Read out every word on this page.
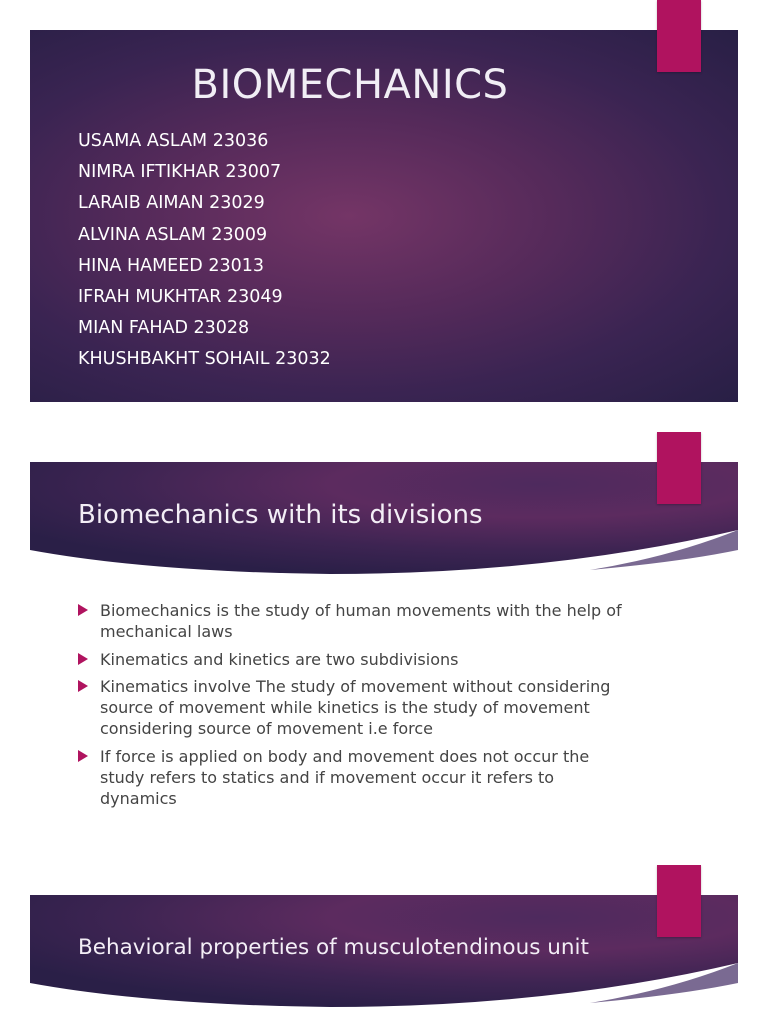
BIOMECHANICS
USAMA ASLAM 23036
NIMRA IFTIKHAR 23007
LARAIB AIMAN 23029
ALVINA ASLAM 23009
HINA HAMEED 23013
IFRAH MUKHTAR 23049
MIAN FAHAD 23028
KHUSHBAKHT SOHAIL 23032
Biomechanics with its divisions
Biomechanics is the study of human movements with the help of mechanical laws
Kinematics and kinetics are two subdivisions
Kinematics involve The study of movement without considering source of movement while kinetics is the study of movement considering source of movement i.e force
If force is applied on body and movement does not occur the study refers to statics and if movement occur it refers to dynamics
Behavioral properties of musculotendinous unit
